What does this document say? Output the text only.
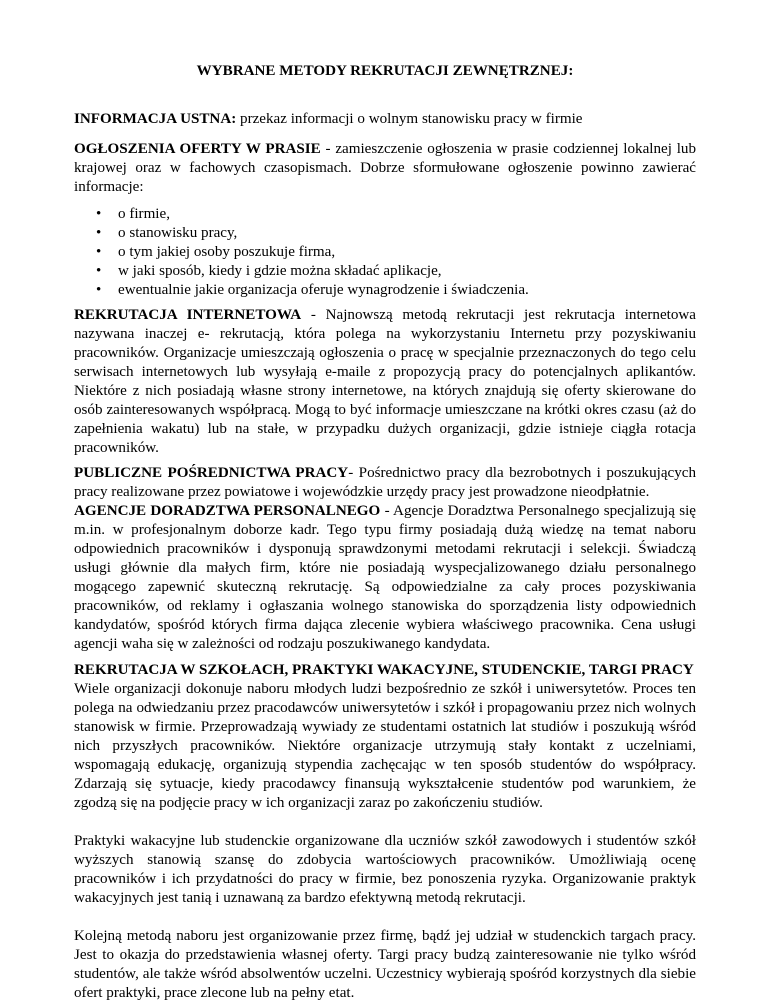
WYBRANE METODY REKRUTACJI ZEWNĘTRZNEJ:

INFORMACJA USTNA: przekaz informacji o wolnym stanowisku pracy w firmie

OGŁOSZENIA OFERTY W PRASIE - zamieszczenie ogłoszenia w prasie codziennej lokalnej lub krajowej oraz w fachowych czasopismach. Dobrze sformułowane ogłoszenie powinno zawierać informacje:

• o firmie,
• o stanowisku pracy,
• o tym jakiej osoby poszukuje firma,
• w jaki sposób, kiedy i gdzie można składać aplikacje,
• ewentualnie jakie organizacja oferuje wynagrodzenie i świadczenia.

REKRUTACJA INTERNETOWA - Najnowszą metodą rekrutacji jest rekrutacja internetowa nazywana inaczej e- rekrutacją, która polega na wykorzystaniu Internetu przy pozyskiwaniu pracowników. Organizacje umieszczają ogłoszenia o pracę w specjalnie przeznaczonych do tego celu serwisach internetowych lub wysyłają e-maile z propozycją pracy do potencjalnych aplikantów. Niektóre z nich posiadają własne strony internetowe, na których znajdują się oferty skierowane do osób zainteresowanych współpracą. Mogą to być informacje umieszczane na krótki okres czasu (aż do zapełnienia wakatu) lub na stałe, w przypadku dużych organizacji, gdzie istnieje ciągła rotacja pracowników.

PUBLICZNE POŚREDNICTWA PRACY- Pośrednictwo pracy dla bezrobotnych i poszukujących pracy realizowane przez powiatowe i wojewódzkie urzędy pracy jest prowadzone nieodpłatnie.

AGENCJE DORADZTWA PERSONALNEGO - Agencje Doradztwa Personalnego specjalizują się m.in. w profesjonalnym doborze kadr. Tego typu firmy posiadają dużą wiedzę na temat naboru odpowiednich pracowników i dysponują sprawdzonymi metodami rekrutacji i selekcji. Świadczą usługi głównie dla małych firm, które nie posiadają wyspecjalizowanego działu personalnego mogącego zapewnić skuteczną rekrutację. Są odpowiedzialne za cały proces pozyskiwania pracowników, od reklamy i ogłaszania wolnego stanowiska do sporządzenia listy odpowiednich kandydatów, spośród których firma dająca zlecenie wybiera właściwego pracownika. Cena usługi agencji waha się w zależności od rodzaju poszukiwanego kandydata.

REKRUTACJA W SZKOŁACH, PRAKTYKI WAKACYJNE, STUDENCKIE, TARGI PRACY

Wiele organizacji dokonuje naboru młodych ludzi bezpośrednio ze szkół i uniwersytetów. Proces ten polega na odwiedzaniu przez pracodawców uniwersytetów i szkół i propagowaniu przez nich wolnych stanowisk w firmie. Przeprowadzają wywiady ze studentami ostatnich lat studiów i poszukują wśród nich przyszłych pracowników. Niektóre organizacje utrzymują stały kontakt z uczelniami, wspomagają edukację, organizują stypendia zachęcając w ten sposób studentów do współpracy. Zdarzają się sytuacje, kiedy pracodawcy finansują wykształcenie studentów pod warunkiem, że zgodzą się na podjęcie pracy w ich organizacji zaraz po zakończeniu studiów.

Praktyki wakacyjne lub studenckie organizowane dla uczniów szkół zawodowych i studentów szkół wyższych stanowią szansę do zdobycia wartościowych pracowników. Umożliwiają ocenę pracowników i ich przydatności do pracy w firmie, bez ponoszenia ryzyka. Organizowanie praktyk wakacyjnych jest tanią i uznawaną za bardzo efektywną metodą rekrutacji.

Kolejną metodą naboru jest organizowanie przez firmę, bądź jej udział w studenckich targach pracy. Jest to okazja do przedstawienia własnej oferty. Targi pracy budzą zainteresowanie nie tylko wśród studentów, ale także wśród absolwentów uczelni. Uczestnicy wybierają spośród korzystnych dla siebie ofert praktyki, prace zlecone lub na pełny etat.
